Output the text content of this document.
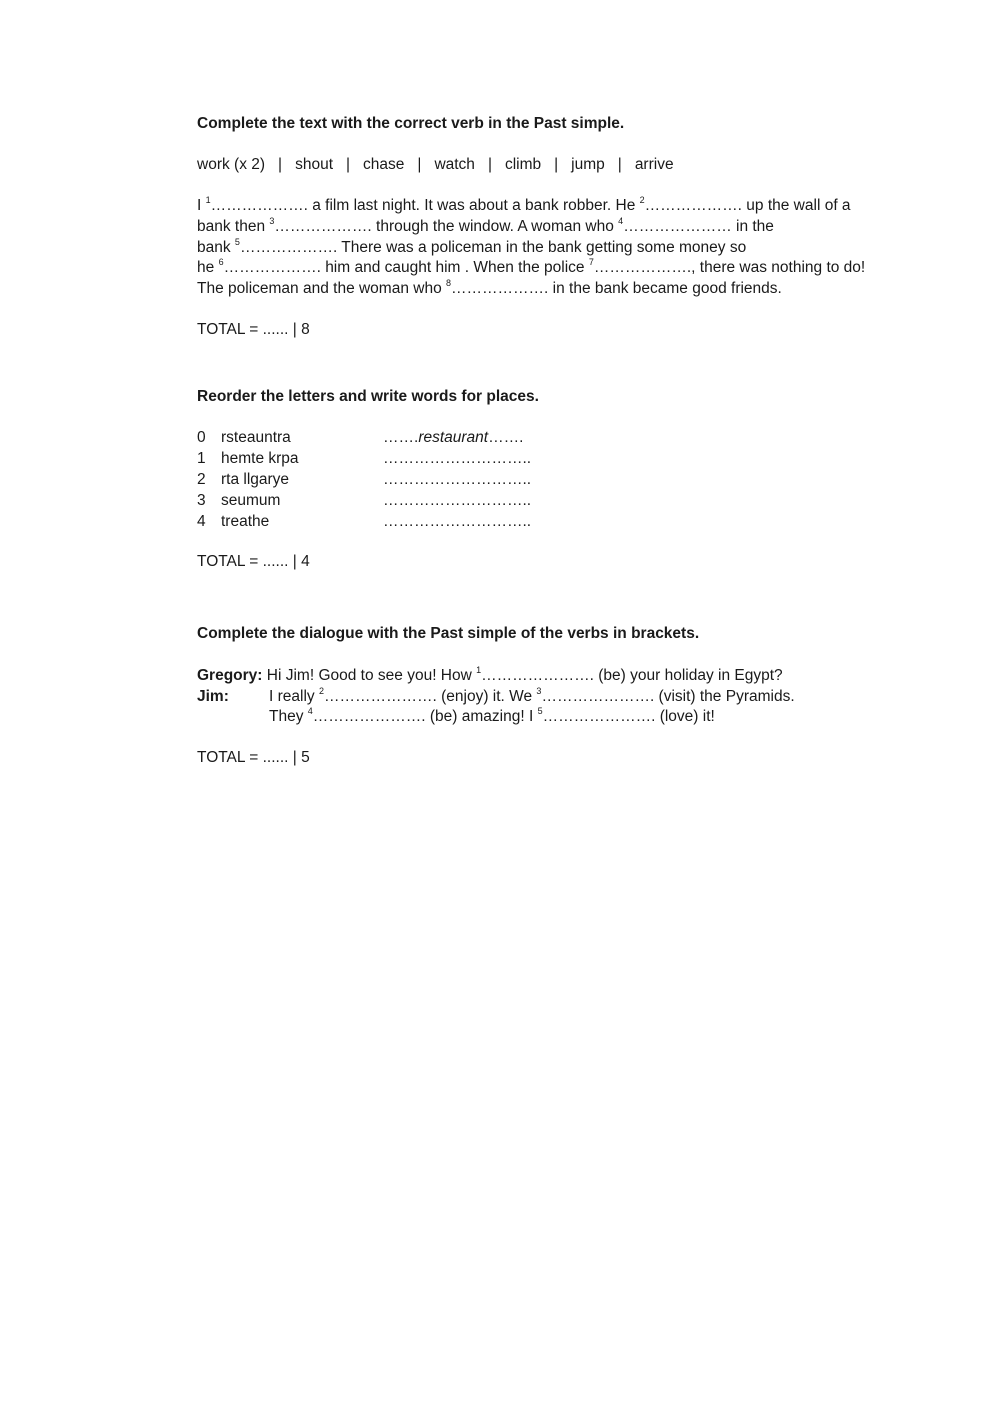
Complete the text with the correct verb in the Past simple.

work (x 2) | shout | chase | watch | climb | jump | arrive
I $^1$………………. a film last night. It was about a bank robber. He $^2$………………. up the wall of a
bank then $^3$………………. through the window. A woman who $^4$………………… in the
bank $^5$………………. There was a policeman in the bank getting some money so
he $^6$………………. him and caught him . When the police $^7$………………., there was nothing to do!
The policeman and the woman who $^8$………………. in the bank became good friends.
TOTAL = ...... | 8

Reorder the letters and write words for places.

0 rsteauntra	…….restaurant…….
1 hemte krpa	………………………..
2 rta llgarye	………………………..
3 seumum	………………………..
4 treathe	………………………..
TOTAL = ...... | 4

Complete the dialogue with the Past simple of the verbs in brackets.

Gregory: Hi Jim! Good to see you! How $^1$…………………. (be) your holiday in Egypt?
Jim:	I really $^2$…………………. (enjoy) it. We $^3$…………………. (visit) the Pyramids.
They $^4$…………………. (be) amazing! I $^5$…………………. (love) it!
TOTAL = ...... | 5
